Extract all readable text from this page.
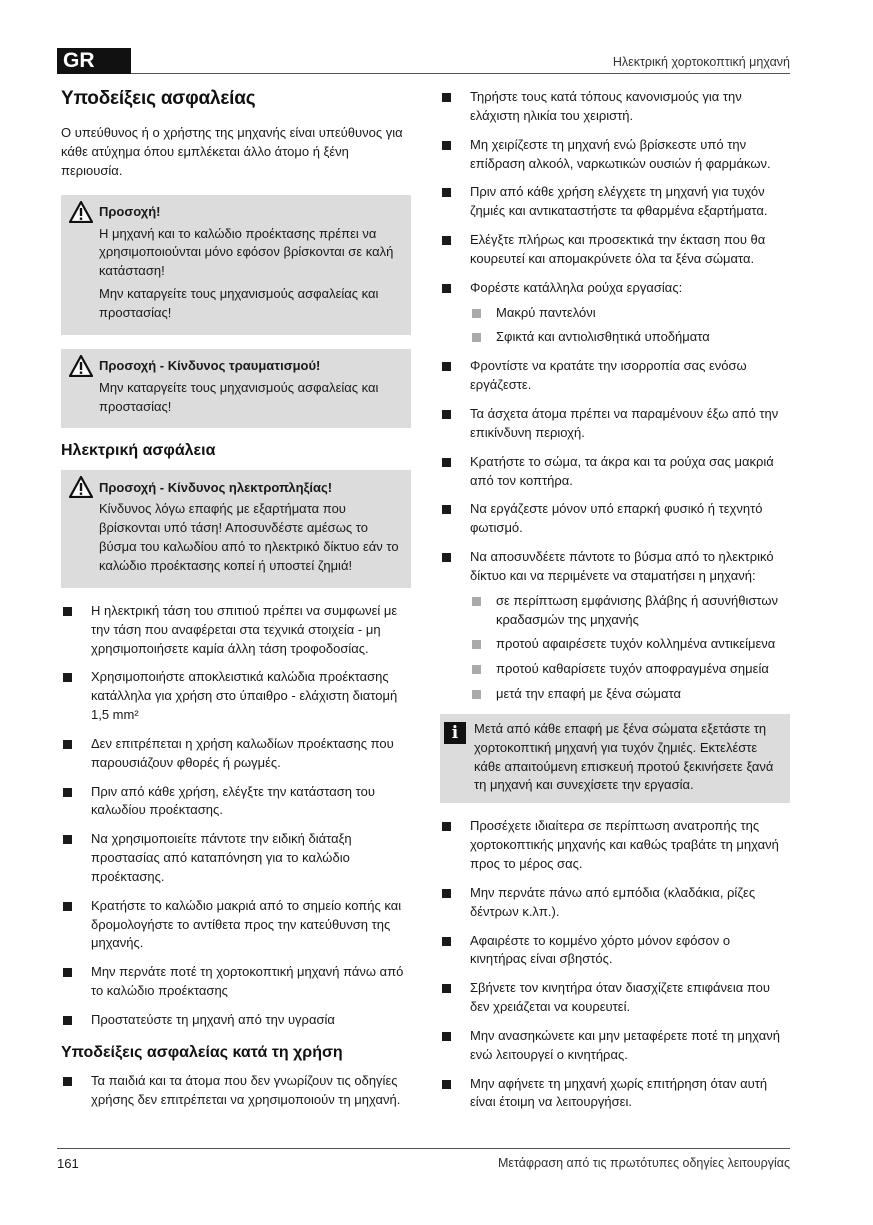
GR	Ηλεκτρική χορτοκοπτική μηχανή
Υποδείξεις ασφαλείας

Ο υπεύθυνος ή ο χρήστης της μηχανής είναι υπεύθυνος για κάθε ατύχημα όπου εμπλέκεται άλλο άτομο ή ξένη περιουσία.

Προσοχή!

Η μηχανή και το καλώδιο προέκτασης πρέπει να χρησιμοποιούνται μόνο εφόσον βρίσκονται σε καλή κατάσταση!

Μην καταργείτε τους μηχανισμούς ασφαλείας και προστασίας!

Προσοχή - Κίνδυνος τραυματισμού!

Μην καταργείτε τους μηχανισμούς ασφαλείας και προστασίας!

Ηλεκτρική ασφάλεια
Προσοχή - Κίνδυνος ηλεκτροπληξίας!

Κίνδυνος λόγω επαφής με εξαρτήματα που βρίσκονται υπό τάση! Αποσυνδέστε αμέσως το βύσμα του καλωδίου από το ηλεκτρικό δίκτυο εάν το καλώδιο προέκτασης κοπεί ή υποστεί ζημιά!

Η ηλεκτρική τάση του σπιτιού πρέπει να συμφωνεί με την τάση που αναφέρεται στα τεχνικά στοιχεία - μη χρησιμοποιήσετε καμία άλλη τάση τροφοδοσίας.
Χρησιμοποιήστε αποκλειστικά καλώδια προέκτασης κατάλληλα για χρήση στο ύπαιθρο - ελάχιστη διατομή 1,5 mm²
Δεν επιτρέπεται η χρήση καλωδίων προέκτασης που παρουσιάζουν φθορές ή ρωγμές.
Πριν από κάθε χρήση, ελέγξτε την κατάσταση του καλωδίου προέκτασης.
Να χρησιμοποιείτε πάντοτε την ειδική διάταξη προστασίας από καταπόνηση για το καλώδιο προέκτασης.
Κρατήστε το καλώδιο μακριά από το σημείο κοπής και δρομολογήστε το αντίθετα προς την κατεύθυνση της μηχανής.
Μην περνάτε ποτέ τη χορτοκοπτική μηχανή πάνω από το καλώδιο προέκτασης
Προστατεύστε τη μηχανή από την υγρασία
Υποδείξεις ασφαλείας κατά τη χρήση
Τα παιδιά και τα άτομα που δεν γνωρίζουν τις οδηγίες χρήσης δεν επιτρέπεται να χρησιμοποιούν τη μηχανή.
Τηρήστε τους κατά τόπους κανονισμούς για την ελάχιστη ηλικία του χειριστή.
Μη χειρίζεστε τη μηχανή ενώ βρίσκεστε υπό την επίδραση αλκοόλ, ναρκωτικών ουσιών ή φαρμάκων.
Πριν από κάθε χρήση ελέγχετε τη μηχανή για τυχόν ζημιές και αντικαταστήστε τα φθαρμένα εξαρτήματα.
Ελέγξτε πλήρως και προσεκτικά την έκταση που θα κουρευτεί και απομακρύνετε όλα τα ξένα σώματα.
Φορέστε κατάλληλα ρούχα εργασίας:
Μακρύ παντελόνι
Σφικτά και αντιολισθητικά υποδήματα
Φροντίστε να κρατάτε την ισορροπία σας ενόσω εργάζεστε.
Τα άσχετα άτομα πρέπει να παραμένουν έξω από την επικίνδυνη περιοχή.
Κρατήστε το σώμα, τα άκρα και τα ρούχα σας μακριά από τον κοπτήρα.
Να εργάζεστε μόνον υπό επαρκή φυσικό ή τεχνητό φωτισμό.
Να αποσυνδέετε πάντοτε το βύσμα από το ηλεκτρικό δίκτυο και να περιμένετε να σταματήσει η μηχανή:
σε περίπτωση εμφάνισης βλάβης ή ασυνήθιστων κραδασμών της μηχανής
προτού αφαιρέσετε τυχόν κολλημένα αντικείμενα
προτού καθαρίσετε τυχόν αποφραγμένα σημεία
μετά την επαφή με ξένα σώματα
i	Μετά από κάθε επαφή με ξένα σώματα εξετάστε τη χορτοκοπτική μηχανή για τυχόν ζημιές. Εκτελέστε κάθε απαιτούμενη επισκευή προτού ξεκινήσετε ξανά τη μηχανή και συνεχίσετε την εργασία.
Προσέχετε ιδιαίτερα σε περίπτωση ανατροπής της χορτοκοπτικής μηχανής και καθώς τραβάτε τη μηχανή προς το μέρος σας.
Μην περνάτε πάνω από εμπόδια (κλαδάκια, ρίζες δέντρων κ.λπ.).
Αφαιρέστε το κομμένο χόρτο μόνον εφόσον ο κινητήρας είναι σβηστός.
Σβήνετε τον κινητήρα όταν διασχίζετε επιφάνεια που δεν χρειάζεται να κουρευτεί.
Μην ανασηκώνετε και μην μεταφέρετε ποτέ τη μηχανή ενώ λειτουργεί ο κινητήρας.
Μην αφήνετε τη μηχανή χωρίς επιτήρηση όταν αυτή είναι έτοιμη να λειτουργήσει.
161	Μετάφραση από τις πρωτότυπες οδηγίες λειτουργίας
